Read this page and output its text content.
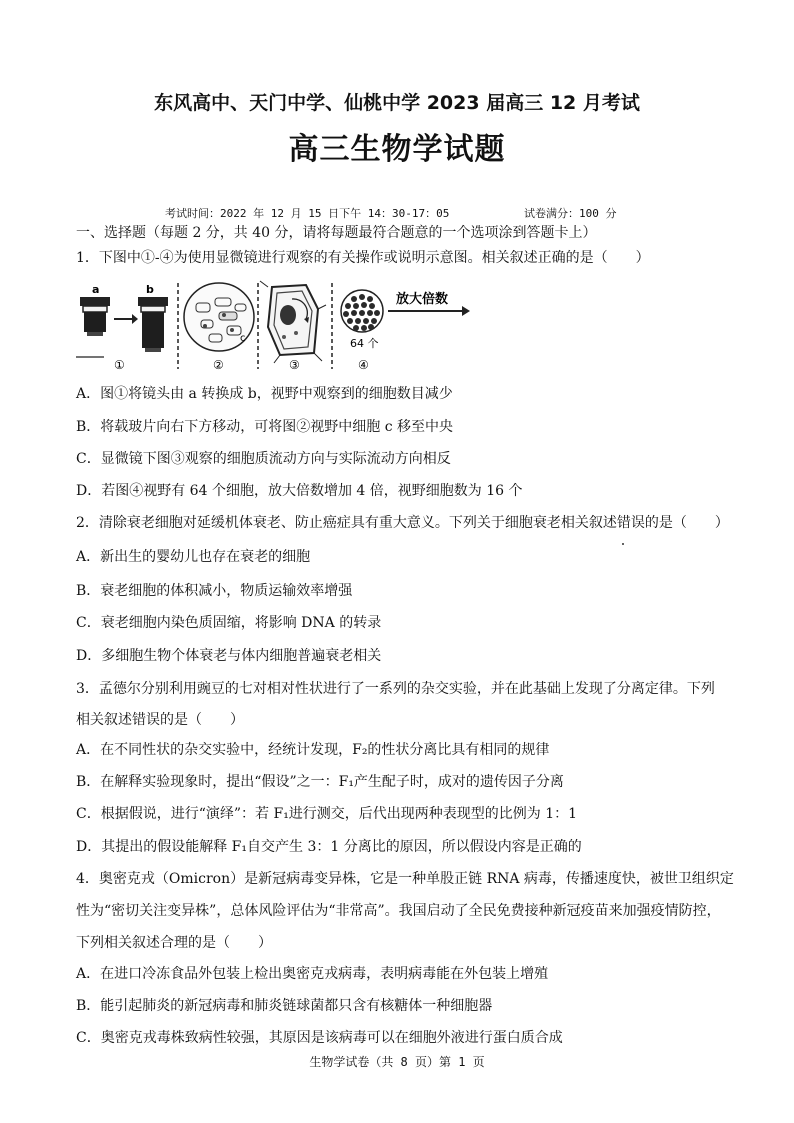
东风高中、天门中学、仙桃中学 2023 届高三 12 月考试
高三生物学试题
考试时间：2022 年 12 月 15 日下午 14：30-17：05	试卷满分：100 分
一、选择题（每题 2 分，共 40 分，请将每题最符合题意的一个选项涂到答题卡上）
1．下图中①-④为使用显微镜进行观察的有关操作或说明示意图。相关叙述正确的是（　　）
a	b
①
c
②	③
64 个
④
放大倍数
A．图①将镜头由 a 转换成 b，视野中观察到的细胞数目减少
B．将载玻片向右下方移动，可将图②视野中细胞 c 移至中央
C．显微镜下图③观察的细胞质流动方向与实际流动方向相反
D．若图④视野有 64 个细胞，放大倍数增加 4 倍，视野细胞数为 16 个
2．清除衰老细胞对延缓机体衰老、防止癌症具有重大意义。下列关于细胞衰老相关叙述错误的是（　　）
A．新出生的婴幼儿也存在衰老的细胞
B．衰老细胞的体积减小，物质运输效率增强
C．衰老细胞内染色质固缩，将影响 DNA 的转录
D．多细胞生物个体衰老与体内细胞普遍衰老相关
3．孟德尔分别利用豌豆的七对相对性状进行了一系列的杂交实验，并在此基础上发现了分离定律。下列
相关叙述错误的是（　　）
A．在不同性状的杂交实验中，经统计发现，F₂的性状分离比具有相同的规律
B．在解释实验现象时，提出“假设”之一：F₁产生配子时，成对的遗传因子分离
C．根据假说，进行“演绎”：若 F₁进行测交，后代出现两种表现型的比例为 1：1
D．其提出的假设能解释 F₁自交产生 3：1 分离比的原因，所以假设内容是正确的
4．奥密克戎（Omicron）是新冠病毒变异株，它是一种单股正链 RNA 病毒，传播速度快，被世卫组织定
性为“密切关注变异株”，总体风险评估为“非常高”。我国启动了全民免费接种新冠疫苗来加强疫情防控，
下列相关叙述合理的是（　　）
A．在进口冷冻食品外包装上检出奥密克戎病毒，表明病毒能在外包装上增殖
B．能引起肺炎的新冠病毒和肺炎链球菌都只含有核糖体一种细胞器
C．奥密克戎毒株致病性较强，其原因是该病毒可以在细胞外液进行蛋白质合成
生物学试卷（共 8 页）第 1 页
